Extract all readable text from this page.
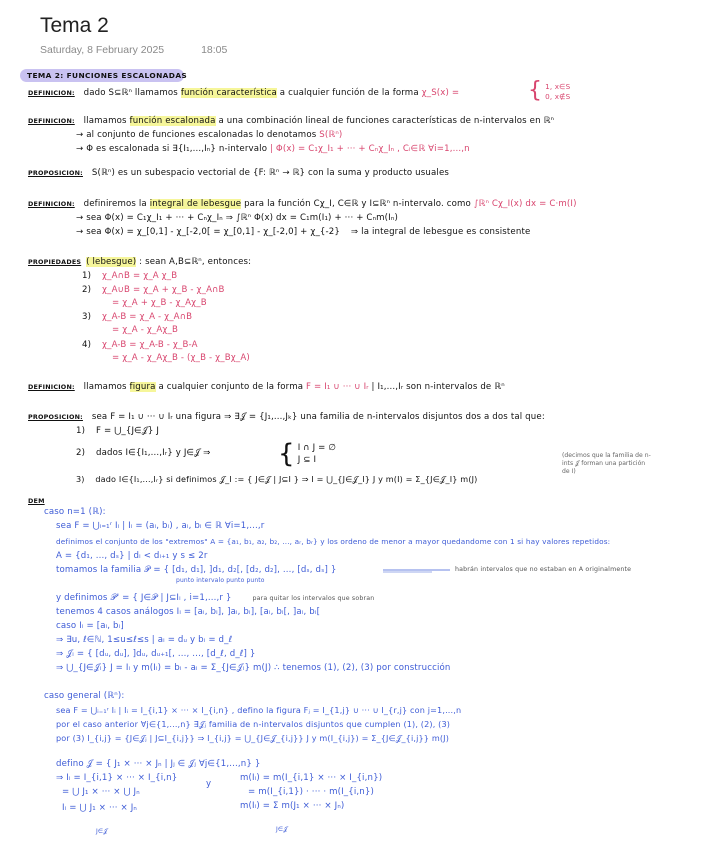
Tema 2
Saturday, 8 February 2025	18:05
TEMA 2: FUNCIONES ESCALONADAS
DEFINICION: dado S⊆ℝⁿ llamamos función característica a cualquier función de la forma χ_S(x) =	{ 1, x∈S
0, x∉S
DEFINICION: llamamos función escalonada a una combinación lineal de funciones características de n-intervalos en ℝⁿ
→ al conjunto de funciones escalonadas lo denotamos S(ℝⁿ)
→ Φ es escalonada si ∃{I₁,...,Iₙ} n-intervalo | Φ(x) = C₁χ_I₁ + ··· + Cₙχ_Iₙ , Cᵢ∈ℝ ∀i=1,...,n
PROPOSICION: S(ℝⁿ) es un subespacio vectorial de {F: ℝⁿ → ℝ} con la suma y producto usuales
DEFINICION: definiremos la integral de lebesgue para la función Cχ_I, C∈ℝ y I⊆ℝⁿ n-intervalo. como ∫ℝⁿ Cχ_I(x) dx = C·m(I)
→ sea Φ(x) = C₁χ_I₁ + ··· + Cₙχ_Iₙ ⇒ ∫ℝⁿ Φ(x) dx = C₁m(I₁) + ··· + Cₙm(Iₙ)
→ sea Φ(x) = χ_[0,1] - χ_[-2,0[ = χ_[0,1] - χ_[-2,0] + χ_{-2} ⇒ la integral de lebesgue es consistente
PROPIEDADES ( lebesgue) : sean A,B⊆ℝⁿ, entonces:
1) χ_A∩B = χ_A χ_B
2) χ_A∪B = χ_A + χ_B - χ_A∩B
= χ_A + χ_B - χ_Aχ_B
3) χ_A-B = χ_A - χ_A∩B
= χ_A - χ_Aχ_B
4) χ_A-B = χ_A-B - χ_B-A
= χ_A - χ_Aχ_B - (χ_B - χ_Bχ_A)
DEFINICION: llamamos figura a cualquier conjunto de la forma F = I₁ ∪ ··· ∪ Iᵣ | I₁,...,Iᵣ son n-intervalos de ℝⁿ
PROPOSICION: sea F = I₁ ∪ ··· ∪ Iᵣ una figura ⇒ ∃𝒥 = {J₁,...,Jₖ} una familia de n-intervalos disjuntos dos a dos tal que:
1) F = ⋃_{J∈𝒥} J
2) dados I∈{I₁,...,Iᵣ} y J∈𝒥 ⇒	{ I ∩ J = ∅
J ⊆ I
3) dado I∈{I₁,...,Iᵣ} si definimos 𝒥_I := { J∈𝒥 | J⊆I } ⇒ I = ⋃_{J∈𝒥_I} J y m(I) = Σ_{J∈𝒥_I} m(J)
(decimos que la familia de n-ints 𝒥 forman una partición de I)
DEM
caso n=1 (ℝ):
sea F = ⋃ᵢ₌₁ʳ Iᵢ | Iᵢ = (aᵢ, bᵢ) , aᵢ, bᵢ ∈ ℝ ∀i=1,...,r
definimos el conjunto de los "extremos" A = {a₁, b₁, a₂, b₂, ..., aᵣ, bᵣ} y los ordeno de menor a mayor quedandome con 1 si hay valores repetidos:
A = {d₁, ..., dₛ} | dᵢ < dᵢ₊₁ y s ≤ 2r
tomamos la familia 𝒫 = { [d₁, d₁], ]d₁, d₂[, [d₂, d₂], ..., [dₛ, dₛ] }
punto intervalo punto punto
habrán intervalos que no estaban en A originalmente
y definimos 𝒫' = { J∈𝒫 | J⊆Iᵢ , i=1,...,r }	para quitar los intervalos que sobran
tenemos 4 casos análogos Iᵢ = [aᵢ, bᵢ], ]aᵢ, bᵢ], [aᵢ, bᵢ[, ]aᵢ, bᵢ[
caso Iᵢ = [aᵢ, bᵢ]
⇒ ∃u, ℓ∈ℕ, 1≤u≤ℓ≤s | aᵢ = dᵤ y bᵢ = d_ℓ
⇒ 𝒥ᵢ = { [dᵤ, dᵤ], ]dᵤ, dᵤ₊₁[, ..., ..., [d_ℓ, d_ℓ] }
⇒ ⋃_{J∈𝒥ᵢ} J = Iᵢ y m(Iᵢ) = bᵢ - aᵢ = Σ_{J∈𝒥ᵢ} m(J) ∴ tenemos (1), (2), (3) por construcción
caso general (ℝⁿ):
sea F = ⋃ᵢ₌₁ʳ Iᵢ | Iᵢ = I_{i,1} × ··· × I_{i,n} , defino la figura Fⱼ = I_{1,j} ∪ ··· ∪ I_{r,j} con j=1,...,n
por el caso anterior ∀j∈{1,...,n} ∃𝒥ⱼ familia de n-intervalos disjuntos que cumplen (1), (2), (3)
por (3) I_{i,j} = {J∈𝒥ⱼ | J⊆I_{i,j}} ⇒ I_{i,j} = ⋃_{J∈𝒥_{i,j}} J y m(I_{i,j}) = Σ_{J∈𝒥_{i,j}} m(J)
defino 𝒥 = { J₁ × ··· × Jₙ | Jⱼ ∈ 𝒥ⱼ ∀j∈{1,...,n} }
⇒ Iᵢ = I_{i,1} × ··· × I_{i,n}
y
m(Iᵢ) = m(I_{i,1} × ··· × I_{i,n})
= ⋃ J₁ × ··· × ⋃ Jₙ	= m(I_{i,1}) · ··· · m(I_{i,n})
Iᵢ = ⋃ J₁ × ··· × Jₙ	m(Iᵢ) = Σ m(J₁ × ··· × Jₙ)
J∈𝒥	J∈𝒥
